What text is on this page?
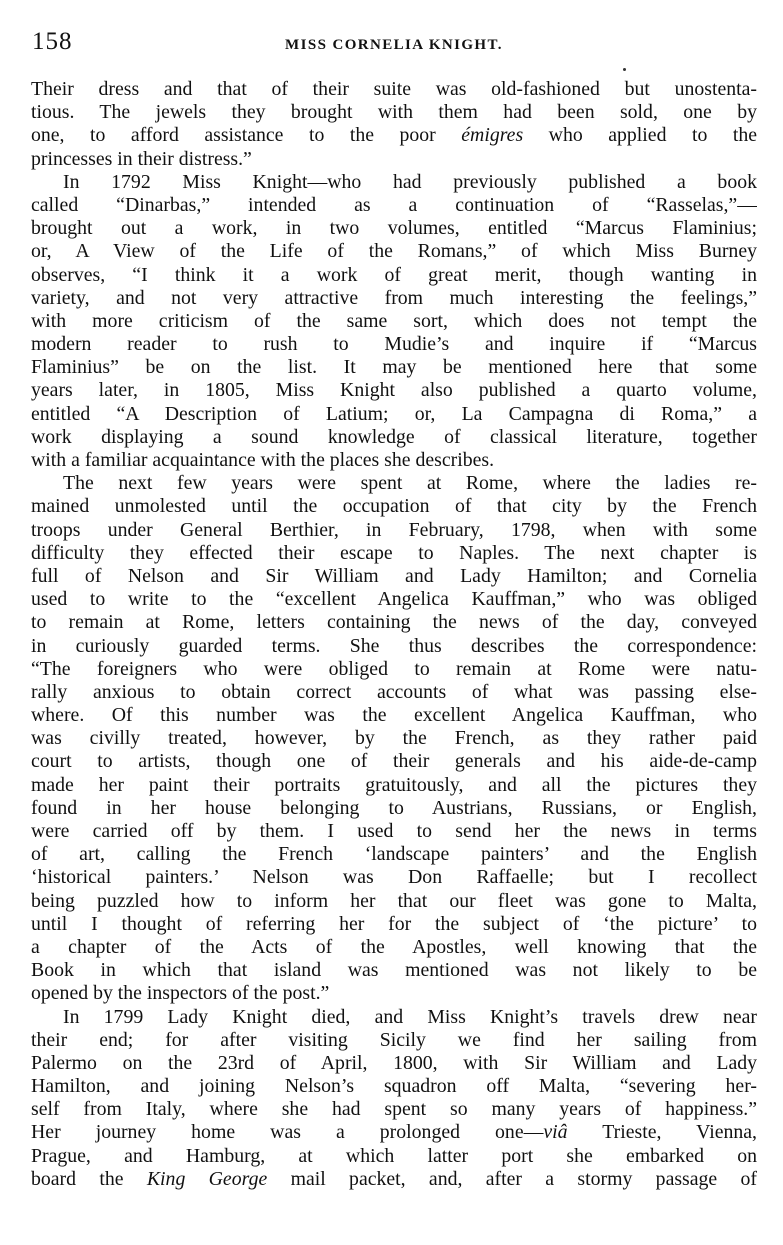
158	MISS CORNELIA KNIGHT.
Their dress and that of their suite was old-fashioned but unostenta-
tious. The jewels they brought with them had been sold, one by
one, to afford assistance to the poor émigres who applied to the
princesses in their distress.”
In 1792 Miss Knight—who had previously published a book
called “Dinarbas,” intended as a continuation of “Rasselas,”—
brought out a work, in two volumes, entitled “Marcus Flaminius;
or, A View of the Life of the Romans,” of which Miss Burney
observes, “I think it a work of great merit, though wanting in
variety, and not very attractive from much interesting the feelings,”
with more criticism of the same sort, which does not tempt the
modern reader to rush to Mudie’s and inquire if “Marcus
Flaminius” be on the list. It may be mentioned here that some
years later, in 1805, Miss Knight also published a quarto volume,
entitled “A Description of Latium; or, La Campagna di Roma,” a
work displaying a sound knowledge of classical literature, together
with a familiar acquaintance with the places she describes.
The next few years were spent at Rome, where the ladies re-
mained unmolested until the occupation of that city by the French
troops under General Berthier, in February, 1798, when with some
difficulty they effected their escape to Naples. The next chapter is
full of Nelson and Sir William and Lady Hamilton; and Cornelia
used to write to the “excellent Angelica Kauffman,” who was obliged
to remain at Rome, letters containing the news of the day, conveyed
in curiously guarded terms. She thus describes the correspondence:
“The foreigners who were obliged to remain at Rome were natu-
rally anxious to obtain correct accounts of what was passing else-
where. Of this number was the excellent Angelica Kauffman, who
was civilly treated, however, by the French, as they rather paid
court to artists, though one of their generals and his aide-de-camp
made her paint their portraits gratuitously, and all the pictures they
found in her house belonging to Austrians, Russians, or English,
were carried off by them. I used to send her the news in terms
of art, calling the French ‘landscape painters’ and the English
‘historical painters.’ Nelson was Don Raffaelle; but I recollect
being puzzled how to inform her that our fleet was gone to Malta,
until I thought of referring her for the subject of ‘the picture’ to
a chapter of the Acts of the Apostles, well knowing that the
Book in which that island was mentioned was not likely to be
opened by the inspectors of the post.”
In 1799 Lady Knight died, and Miss Knight’s travels drew near
their end; for after visiting Sicily we find her sailing from
Palermo on the 23rd of April, 1800, with Sir William and Lady
Hamilton, and joining Nelson’s squadron off Malta, “severing her-
self from Italy, where she had spent so many years of happiness.”
Her journey home was a prolonged one—viâ Trieste, Vienna,
Prague, and Hamburg, at which latter port she embarked on
board the King George mail packet, and, after a stormy passage of
